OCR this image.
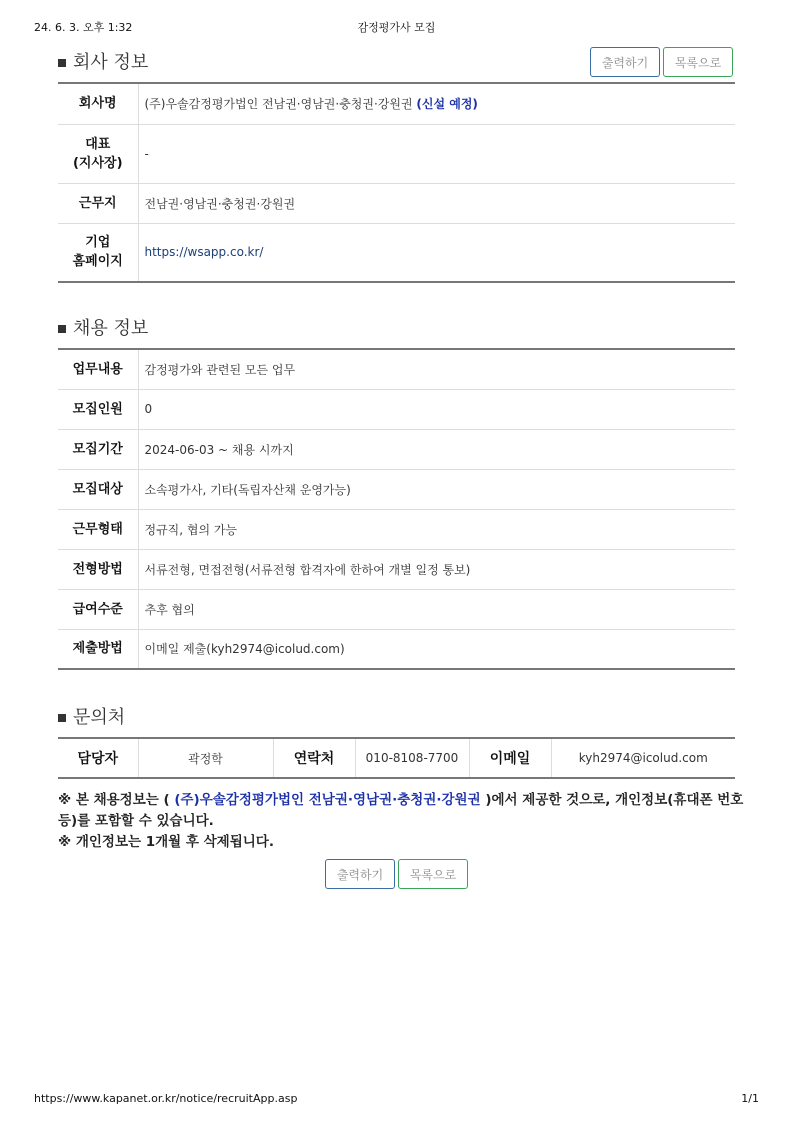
24. 6. 3. 오후 1:32	감정평가사 모집
회사 정보	출력하기	목록으로
회사명	(주)우솔감정평가법인 전남권·영남권·충청권·강원권 (신설 예정)

대표
(지사장)	-
근무지	전남권·영남권·충청권·강원권

기업
홈페이지	https://wsapp.co.kr/
채용 정보
업무내용	감정평가와 관련된 모든 업무
모집인원	0
모집기간	2024-06-03 ~ 채용 시까지
모집대상	소속평가사, 기타(독립자산채 운영가능)
근무형태	정규직, 협의 가능
전형방법	서류전형, 면접전형(서류전형 합격자에 한하여 개별 일정 통보)
급여수준	추후 협의
제출방법	이메일 제출(kyh2974@icolud.com)
문의처
담당자	곽정학	연락처	010-8108-7700	이메일	kyh2974@icolud.com
※ 본 채용정보는 ( (주)우솔감정평가법인 전남권·영남권·충청권·강원권 )에서 제공한 것으로, 개인정보(휴대폰 번호 등)를 포함할 수 있습니다.
※ 개인정보는 1개월 후 삭제됩니다.
출력하기	목록으로
https://www.kapanet.or.kr/notice/recruitApp.asp	1/1
